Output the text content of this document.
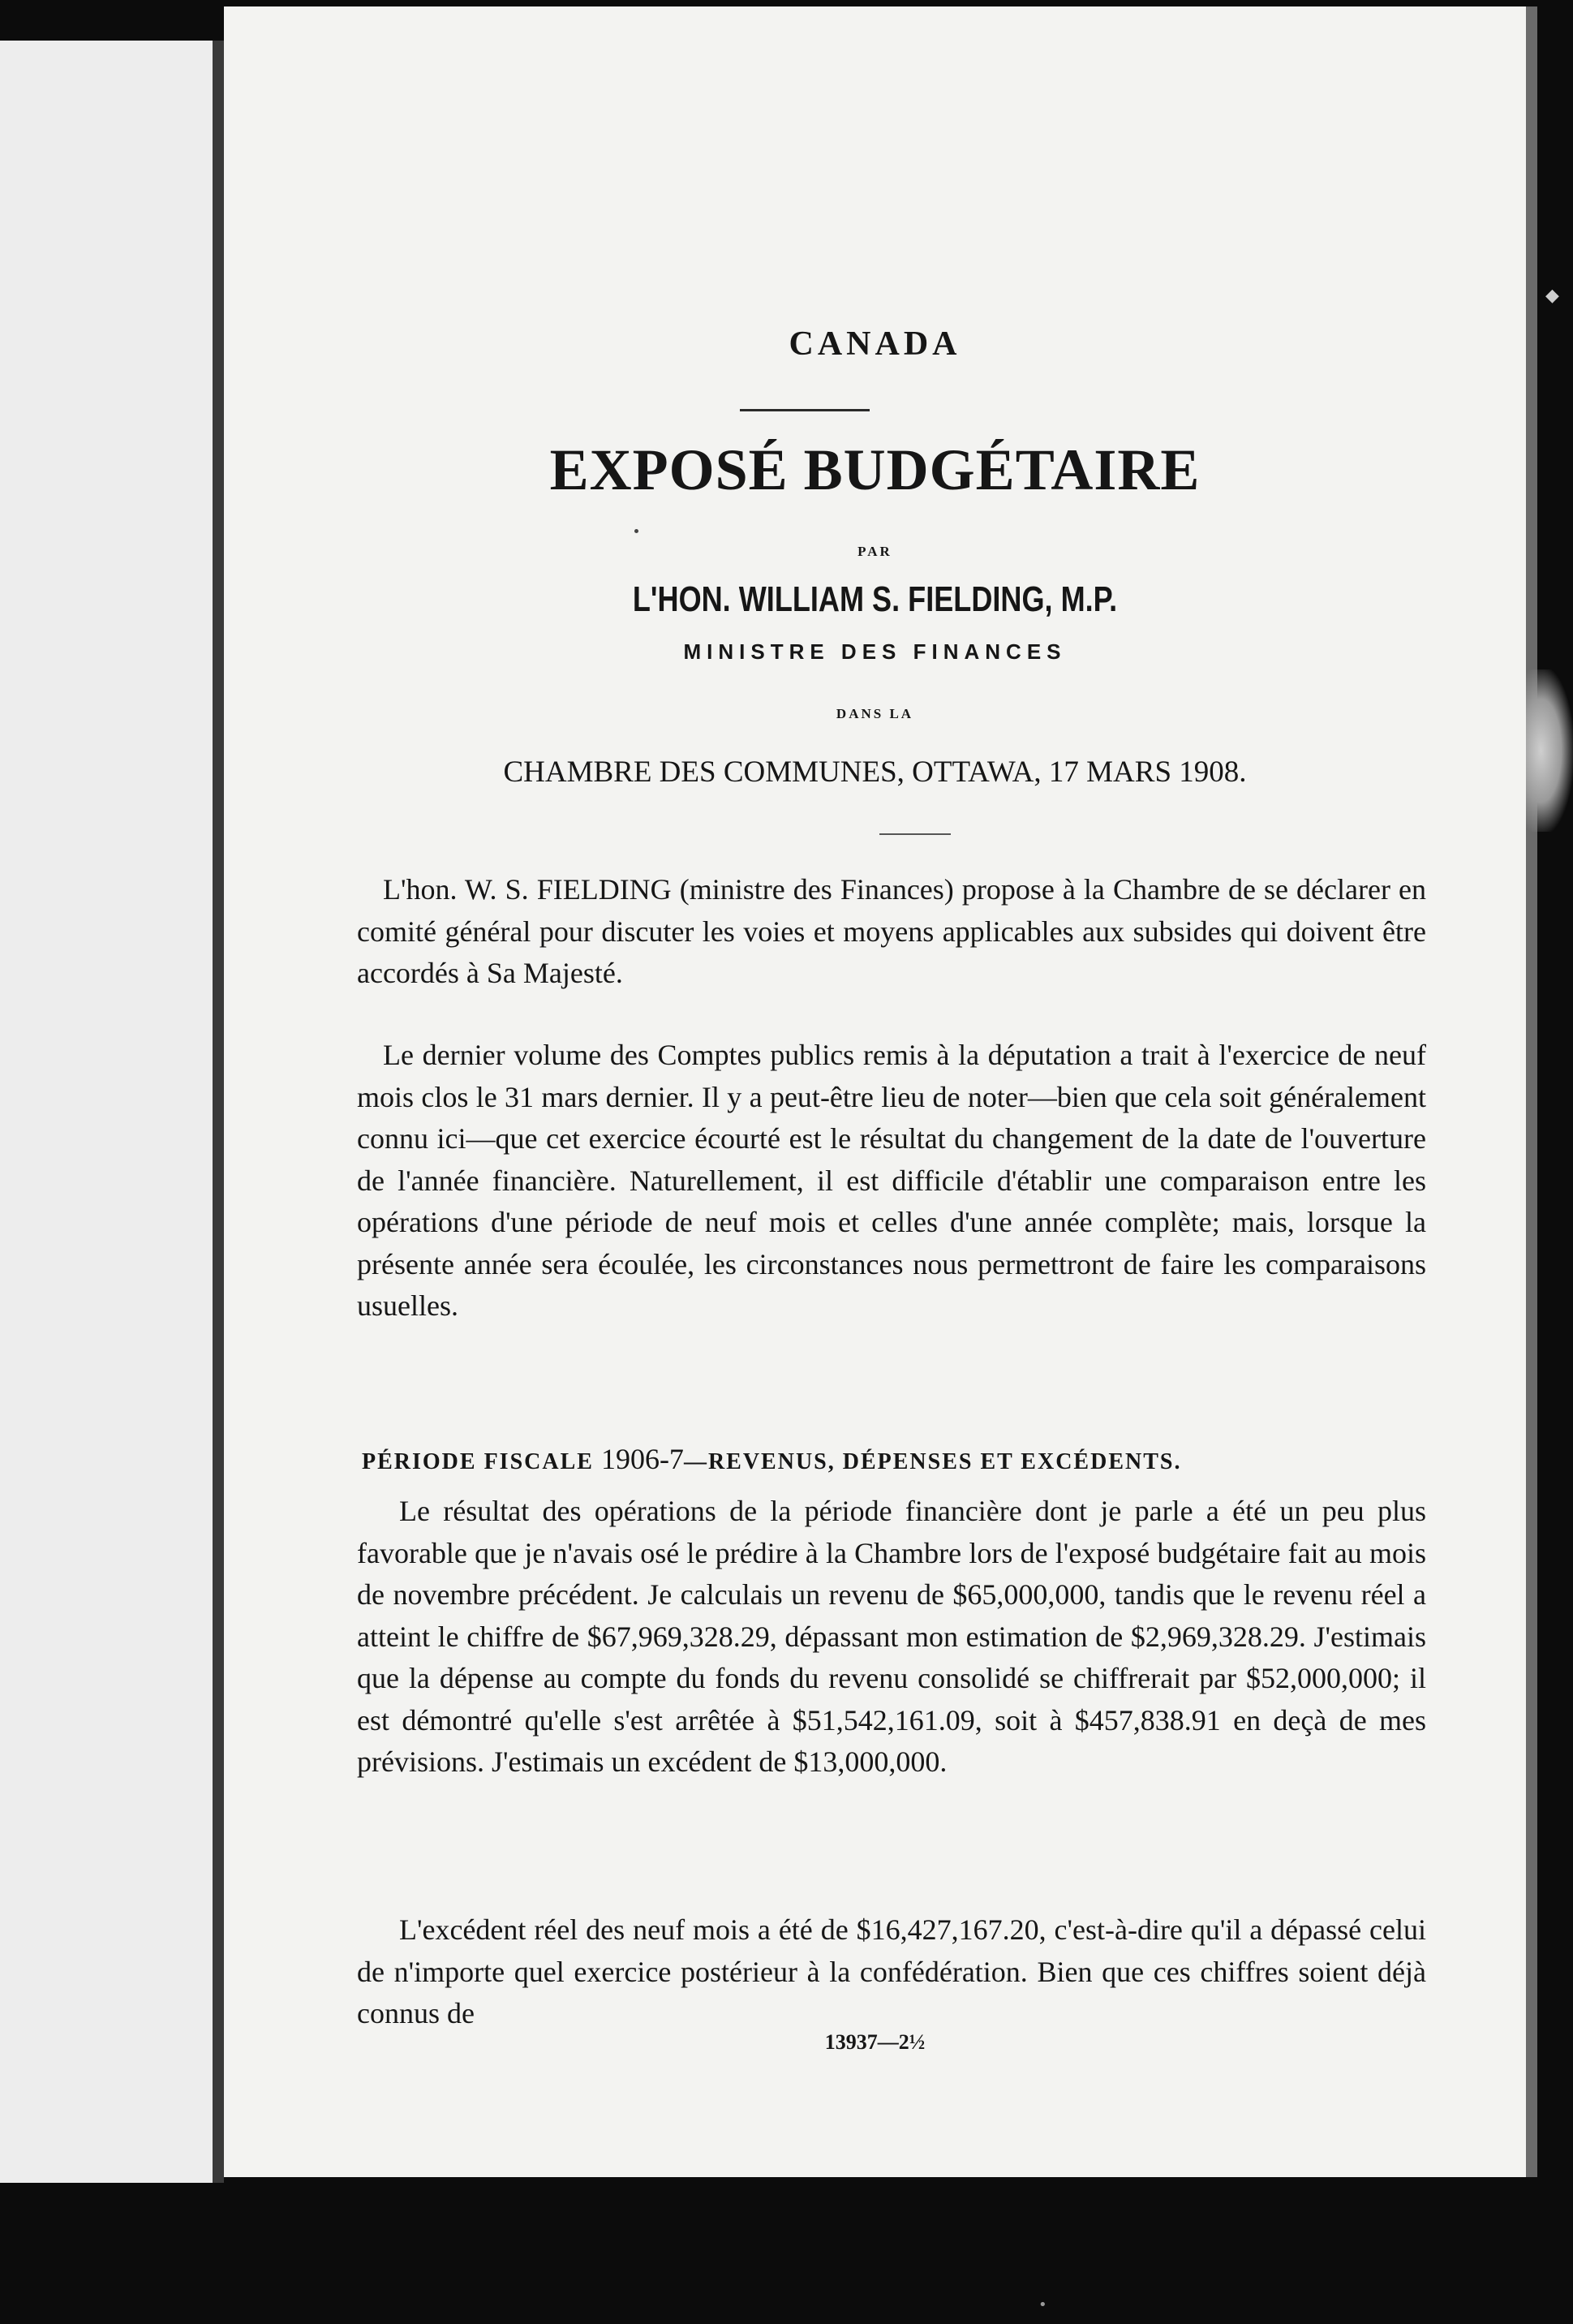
◆
•
CANADA
EXPOSÉ BUDGÉTAIRE
PAR
L'HON. WILLIAM S. FIELDING, M.P.
MINISTRE DES FINANCES
DANS LA
CHAMBRE DES COMMUNES, OTTAWA, 17 MARS 1908.

L'hon. W. S. FIELDING (ministre des Finances) propose à la Chambre de se déclarer en comité général pour discuter les voies et moyens applicables aux subsides qui doivent être accordés à Sa Majesté.

Le dernier volume des Comptes publics remis à la députation a trait à l'exercice de neuf mois clos le 31 mars dernier. Il y a peut-être lieu de noter—bien que cela soit généralement connu ici—que cet exercice écourté est le résultat du changement de la date de l'ouverture de l'année financière. Naturellement, il est difficile d'établir une comparaison entre les opérations d'une période de neuf mois et celles d'une année complète; mais, lorsque la présente année sera écoulée, les circonstances nous permettront de faire les comparaisons usuelles.

PÉRIODE FISCALE 1906-7—REVENUS, DÉPENSES ET EXCÉDENTS.

Le résultat des opérations de la période financière dont je parle a été un peu plus favorable que je n'avais osé le prédire à la Chambre lors de l'exposé budgétaire fait au mois de novembre précédent. Je calculais un revenu de $65,000,000, tandis que le revenu réel a atteint le chiffre de $67,969,328.29, dépassant mon estimation de $2,969,328.29. J'estimais que la dépense au compte du fonds du revenu consolidé se chiffrerait par $52,000,000; il est démontré qu'elle s'est arrêtée à $51,542,161.09, soit à $457,838.91 en deçà de mes prévisions. J'estimais un excédent de $13,000,000.

L'excédent réel des neuf mois a été de $16,427,167.20, c'est-à-dire qu'il a dépassé celui de n'importe quel exercice postérieur à la confédération. Bien que ces chiffres soient déjà connus de

13937—2½
